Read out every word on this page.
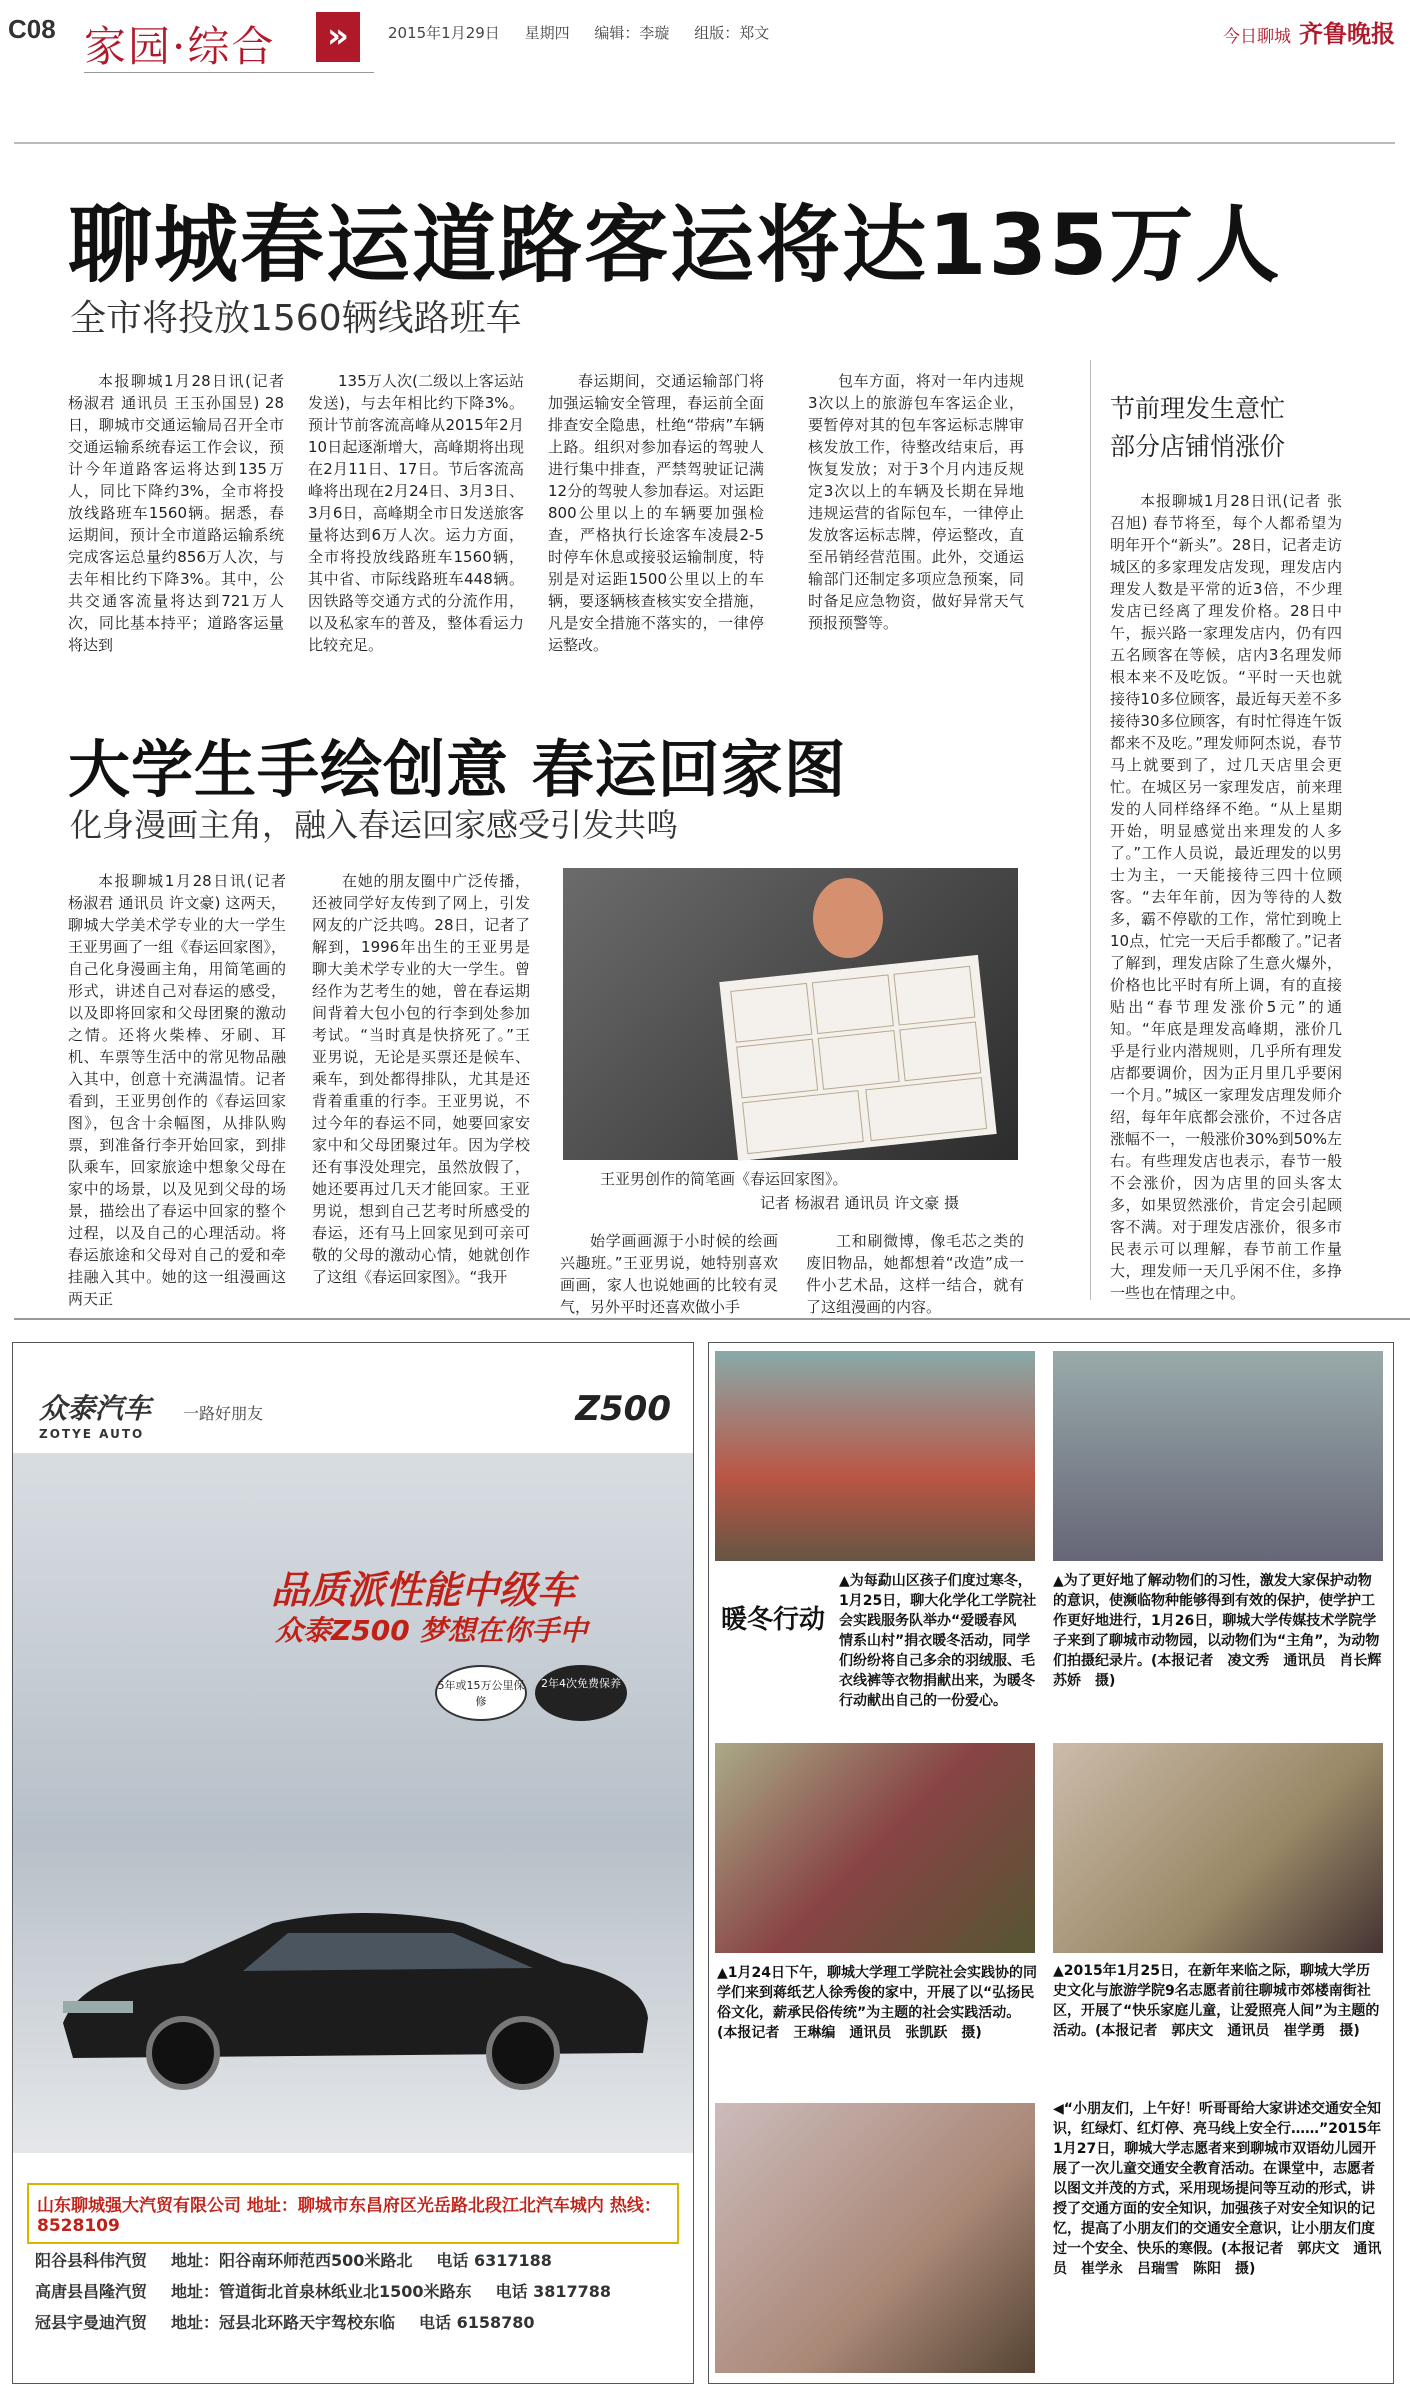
C08 家园·综合	»	2015年1月29日 星期四 编辑：李璇 组版：郑文	今日聊城 齐鲁晚报
聊城春运道路客运将达135万人
全市将投放1560辆线路班车

本报聊城1月28日讯(记者 杨淑君 通讯员 王玉孙国昱) 28日，聊城市交通运输局召开全市交通运输系统春运工作会议，预计今年道路客运将达到135万人，同比下降约3%，全市将投放线路班车1560辆。据悉，春运期间，预计全市道路运输系统完成客运总量约856万人次，与去年相比约下降3%。其中，公共交通客流量将达到721万人次，同比基本持平；道路客运量将达到

135万人次(二级以上客运站发送)，与去年相比约下降3%。预计节前客流高峰从2015年2月10日起逐渐增大，高峰期将出现在2月11日、17日。节后客流高峰将出现在2月24日、3月3日、3月6日，高峰期全市日发送旅客量将达到6万人次。运力方面，全市将投放线路班车1560辆，其中省、市际线路班车448辆。因铁路等交通方式的分流作用，以及私家车的普及，整体看运力比较充足。

春运期间，交通运输部门将加强运输安全管理，春运前全面排查安全隐患，杜绝“带病”车辆上路。组织对参加春运的驾驶人进行集中排查，严禁驾驶证记满12分的驾驶人参加春运。对运距800公里以上的车辆要加强检查，严格执行长途客车凌晨2-5时停车休息或接驳运输制度，特别是对运距1500公里以上的车辆，要逐辆核查核实安全措施，凡是安全措施不落实的，一律停运整改。

包车方面，将对一年内违规3次以上的旅游包车客运企业，要暂停对其的包车客运标志牌审核发放工作，待整改结束后，再恢复发放；对于3个月内违反规定3次以上的车辆及长期在异地违规运营的省际包车，一律停止发放客运标志牌，停运整改，直至吊销经营范围。此外，交通运输部门还制定多项应急预案，同时备足应急物资，做好异常天气预报预警等。

节前理发生意忙
部分店铺悄涨价

本报聊城1月28日讯(记者 张召旭) 春节将至，每个人都希望为明年开个“新头”。28日，记者走访城区的多家理发店发现，理发店内理发人数是平常的近3倍，不少理发店已经离了理发价格。28日中午，振兴路一家理发店内，仍有四五名顾客在等候，店内3名理发师根本来不及吃饭。“平时一天也就接待10多位顾客，最近每天差不多接待30多位顾客，有时忙得连午饭都来不及吃。”理发师阿杰说，春节马上就要到了，过几天店里会更忙。在城区另一家理发店，前来理发的人同样络绎不绝。“从上星期开始，明显感觉出来理发的人多了。”工作人员说，最近理发的以男士为主，一天能接待三四十位顾客。“去年年前，因为等待的人数多，霸不停歇的工作，常忙到晚上10点，忙完一天后手都酸了。”记者了解到，理发店除了生意火爆外，价格也比平时有所上调，有的直接贴出“春节理发涨价5元”的通知。“年底是理发高峰期，涨价几乎是行业内潜规则，几乎所有理发店都要调价，因为正月里几乎要闲一个月。”城区一家理发店理发师介绍，每年年底都会涨价，不过各店涨幅不一，一般涨价30%到50%左右。有些理发店也表示，春节一般不会涨价，因为店里的回头客太多，如果贸然涨价，肯定会引起顾客不满。对于理发店涨价，很多市民表示可以理解，春节前工作量大，理发师一天几乎闲不住，多挣一些也在情理之中。

大学生手绘创意 春运回家图
化身漫画主角，融入春运回家感受引发共鸣

本报聊城1月28日讯(记者 杨淑君 通讯员 许文豪) 这两天，聊城大学美术学专业的大一学生王亚男画了一组《春运回家图》，自己化身漫画主角，用简笔画的形式，讲述自己对春运的感受，以及即将回家和父母团聚的激动之情。还将火柴棒、牙刷、耳机、车票等生活中的常见物品融入其中，创意十充满温情。记者看到，王亚男创作的《春运回家图》，包含十余幅图，从排队购票，到准备行李开始回家，到排队乘车，回家旅途中想象父母在家中的场景，以及见到父母的场景，描绘出了春运中回家的整个过程，以及自己的心理活动。将春运旅途和父母对自己的爱和牵挂融入其中。她的这一组漫画这两天正

在她的朋友圈中广泛传播，还被同学好友传到了网上，引发网友的广泛共鸣。28日，记者了解到，1996年出生的王亚男是聊大美术学专业的大一学生。曾经作为艺考生的她，曾在春运期间背着大包小包的行李到处参加考试。“当时真是快挤死了。”王亚男说，无论是买票还是候车、乘车，到处都得排队，尤其是还背着重重的行李。王亚男说，不过今年的春运不同，她要回家安家中和父母团聚过年。因为学校还有事没处理完，虽然放假了，她还要再过几天才能回家。王亚男说，想到自己艺考时所感受的春运，还有马上回家见到可亲可敬的父母的激动心情，她就创作了这组《春运回家图》。“我开

始学画画源于小时候的绘画兴趣班。”王亚男说，她特别喜欢画画，家人也说她画的比较有灵气，另外平时还喜欢做小手

工和刷微博，像毛芯之类的废旧物品，她都想着“改造”成一件小艺术品，这样一结合，就有了这组漫画的内容。

王亚男创作的简笔画《春运回家图》。
记者 杨淑君 通讯员 许文豪 摄
众泰汽车
ZOTYE AUTO
一路好朋友	Z500
品质派性能中级车
众泰Z500 梦想在你手中
5年或15万公里保修
2年4次免费保养
山东聊城强大汽贸有限公司 地址：聊城市东昌府区光岳路北段江北汽车城内 热线：8528109
阳谷县科伟汽贸 地址：阳谷南环师范西500米路北 电话 6317188
高唐县昌隆汽贸 地址：管道街北首泉林纸业北1500米路东 电话 3817788
冠县宇曼迪汽贸 地址：冠县北环路天宇驾校东临 电话 6158780
暖冬行动
▲为每勐山区孩子们度过寒冬，1月25日，聊大化学化工学院社会实践服务队举办“爱暖春风　情系山村”捐衣暖冬活动，同学们纷纷将自己多余的羽绒服、毛衣线裤等衣物捐献出来，为暖冬行动献出自己的一份爱心。
▲为了更好地了解动物们的习性，激发大家保护动物的意识，使濒临物种能够得到有效的保护，使学护工作更好地进行，1月26日，聊城大学传媒技术学院学子来到了聊城市动物园，以动物们为“主角”，为动物们拍摄纪录片。(本报记者　凌文秀　通讯员　肖长辉　苏娇　摄)
▲1月24日下午，聊城大学理工学院社会实践协的同学们来到蒋纸艺人徐秀俊的家中，开展了以“弘扬民俗文化，薪承民俗传统”为主题的社会实践活动。(本报记者　王琳编　通讯员　张凯跃　摄)
▲2015年1月25日，在新年来临之际，聊城大学历史文化与旅游学院9名志愿者前往聊城市郊楼南街社区，开展了“快乐家庭儿童，让爱照亮人间”为主题的活动。(本报记者　郭庆文　通讯员　崔学勇　摄)
◀“小朋友们，上午好！听哥哥给大家讲述交通安全知识，红绿灯、红灯停、亮马线上安全行……”2015年1月27日，聊城大学志愿者来到聊城市双语幼儿园开展了一次儿童交通安全教育活动。在课堂中，志愿者以图文并茂的方式，采用现场提问等互动的形式，讲授了交通方面的安全知识，加强孩子对安全知识的记忆，提高了小朋友们的交通安全意识，让小朋友们度过一个安全、快乐的寒假。(本报记者　郭庆文　通讯员　崔学永　吕瑞雪　陈阳　摄)
